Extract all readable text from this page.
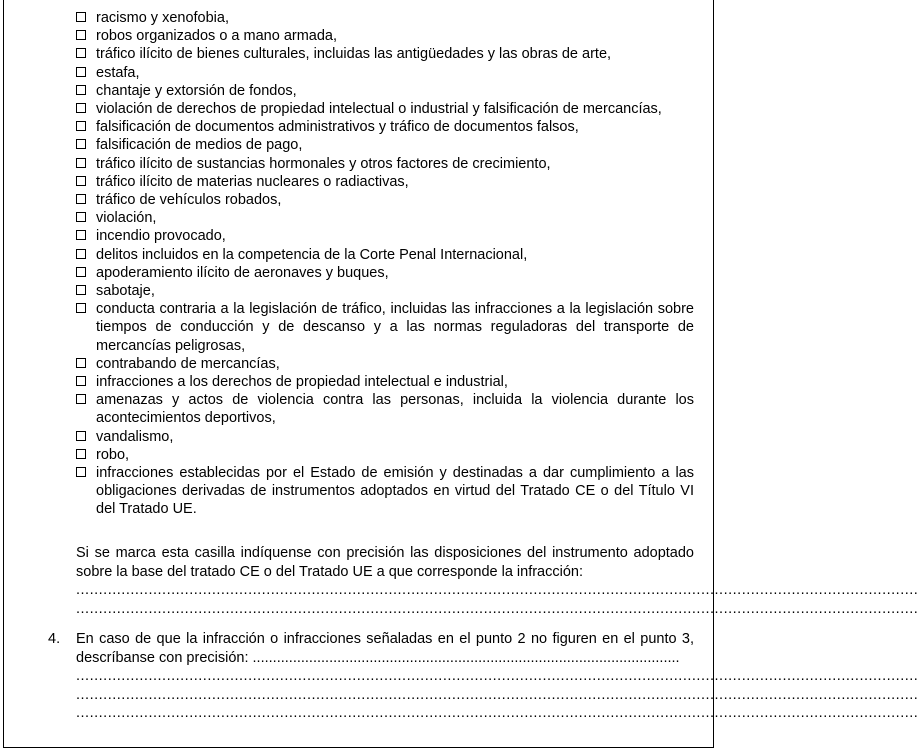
racismo y xenofobia,
robos organizados o a mano armada,
tráfico ilícito de bienes culturales, incluidas las antigüedades y las obras de arte,
estafa,
chantaje y extorsión de fondos,
violación de derechos de propiedad intelectual o industrial y falsificación de mercancías,
falsificación de documentos administrativos y tráfico de documentos falsos,
falsificación de medios de pago,
tráfico ilícito de sustancias hormonales y otros factores de crecimiento,
tráfico ilícito de materias nucleares o radiactivas,
tráfico de vehículos robados,
violación,
incendio provocado,
delitos incluidos en la competencia de la Corte Penal Internacional,
apoderamiento ilícito de aeronaves y buques,
sabotaje,
conducta contraria a la legislación de tráfico, incluidas las infracciones a la legislación sobre tiempos de conducción y de descanso y a las normas reguladoras del transporte de mercancías peligrosas,
contrabando de mercancías,
infracciones a los derechos de propiedad intelectual e industrial,
amenazas y actos de violencia contra las personas, incluida la violencia durante los acontecimientos deportivos,
vandalismo,
robo,
infracciones establecidas por el Estado de emisión y destinadas a dar cumplimiento a las obligaciones derivadas de instrumentos adoptados en virtud del Tratado CE o del Título VI del Tratado UE.
Si se marca esta casilla indíquense con precisión las disposiciones del instrumento adoptado sobre la base del tratado CE o del Tratado UE a que corresponde la infracción:
..........................................................................................................................................................................................
..........................................................................................................................................................................................
4. En caso de que la infracción o infracciones señaladas en el punto 2 no figuren en el punto 3, descríbanse con precisión: ..........................................................................................................
..........................................................................................................................................................................................
..........................................................................................................................................................................................
..........................................................................................................................................................................................
